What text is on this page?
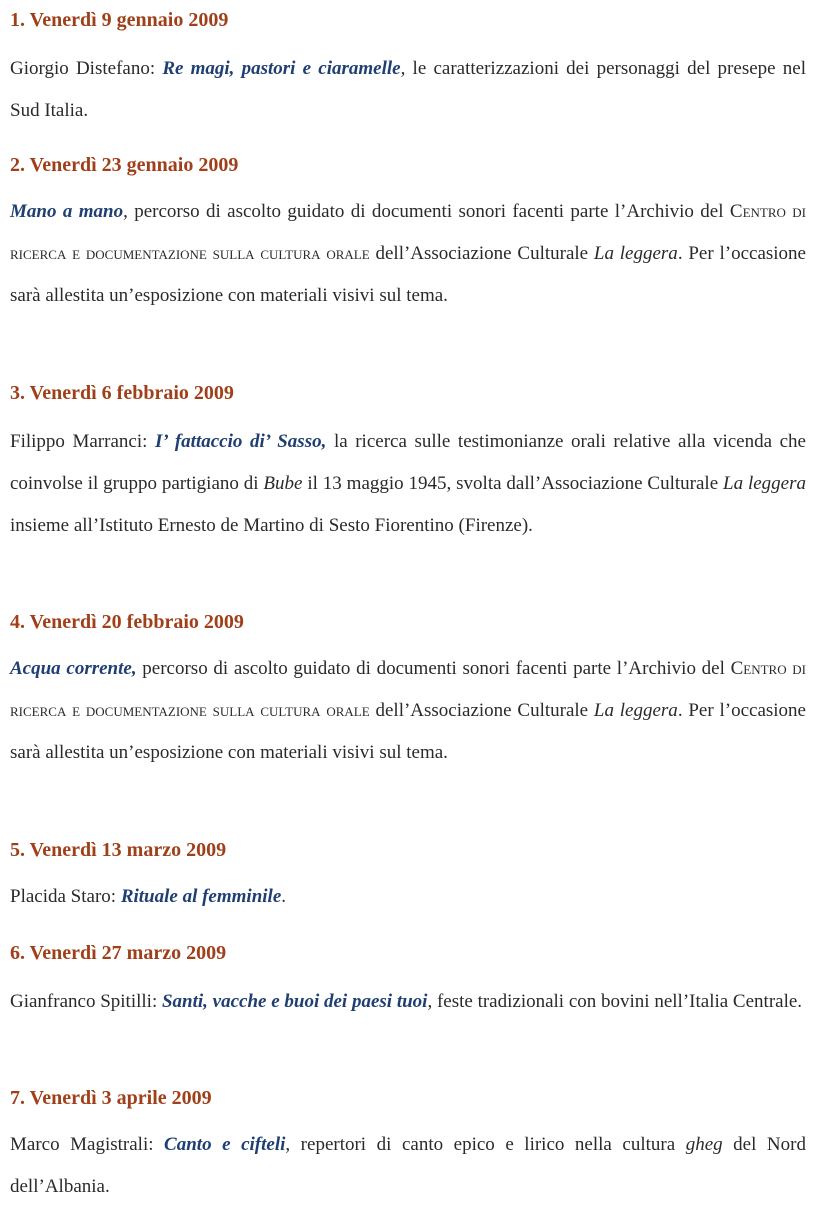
1. Venerdì 9 gennaio 2009

Giorgio Distefano: Re magi, pastori e ciaramelle, le caratterizzazioni dei personaggi del presepe nel Sud Italia.

2. Venerdì 23 gennaio 2009

Mano a mano, percorso di ascolto guidato di documenti sonori facenti parte l’Archivio del Centro di ricerca e documentazione sulla cultura orale dell’Associazione Culturale La leggera. Per l’occasione sarà allestita un’esposizione con materiali visivi sul tema.

3. Venerdì 6 febbraio 2009

Filippo Marranci: I’ fattaccio di’ Sasso, la ricerca sulle testimonianze orali relative alla vicenda che coinvolse il gruppo partigiano di Bube il 13 maggio 1945, svolta dall’Associazione Culturale La leggera insieme all’Istituto Ernesto de Martino di Sesto Fiorentino (Firenze).

4. Venerdì 20 febbraio 2009

Acqua corrente, percorso di ascolto guidato di documenti sonori facenti parte l’Archivio del Centro di ricerca e documentazione sulla cultura orale dell’Associazione Culturale La leggera. Per l’occasione sarà allestita un’esposizione con materiali visivi sul tema.

5. Venerdì 13 marzo 2009

Placida Staro: Rituale al femminile.

6. Venerdì 27 marzo 2009

Gianfranco Spitilli: Santi, vacche e buoi dei paesi tuoi, feste tradizionali con bovini nell’Italia Centrale.

7. Venerdì 3 aprile 2009

Marco Magistrali: Canto e cifteli, repertori di canto epico e lirico nella cultura gheg del Nord dell’Albania.
